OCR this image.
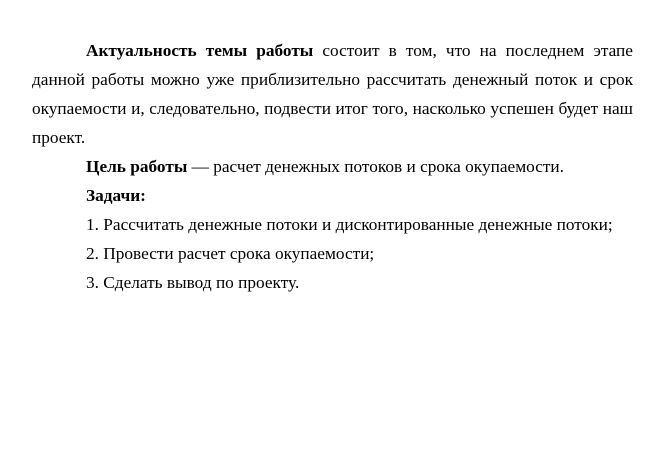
Актуальность темы работы состоит в том, что на последнем этапе данной работы можно уже приблизительно рассчитать денежный поток и срок окупаемости и, следовательно, подвести итог того, насколько успешен будет наш проект.

Цель работы — расчет денежных потоков и срока окупаемости.

Задачи:

1. Рассчитать денежные потоки и дисконтированные денежные потоки;

2. Провести расчет срока окупаемости;

3. Сделать вывод по проекту.
